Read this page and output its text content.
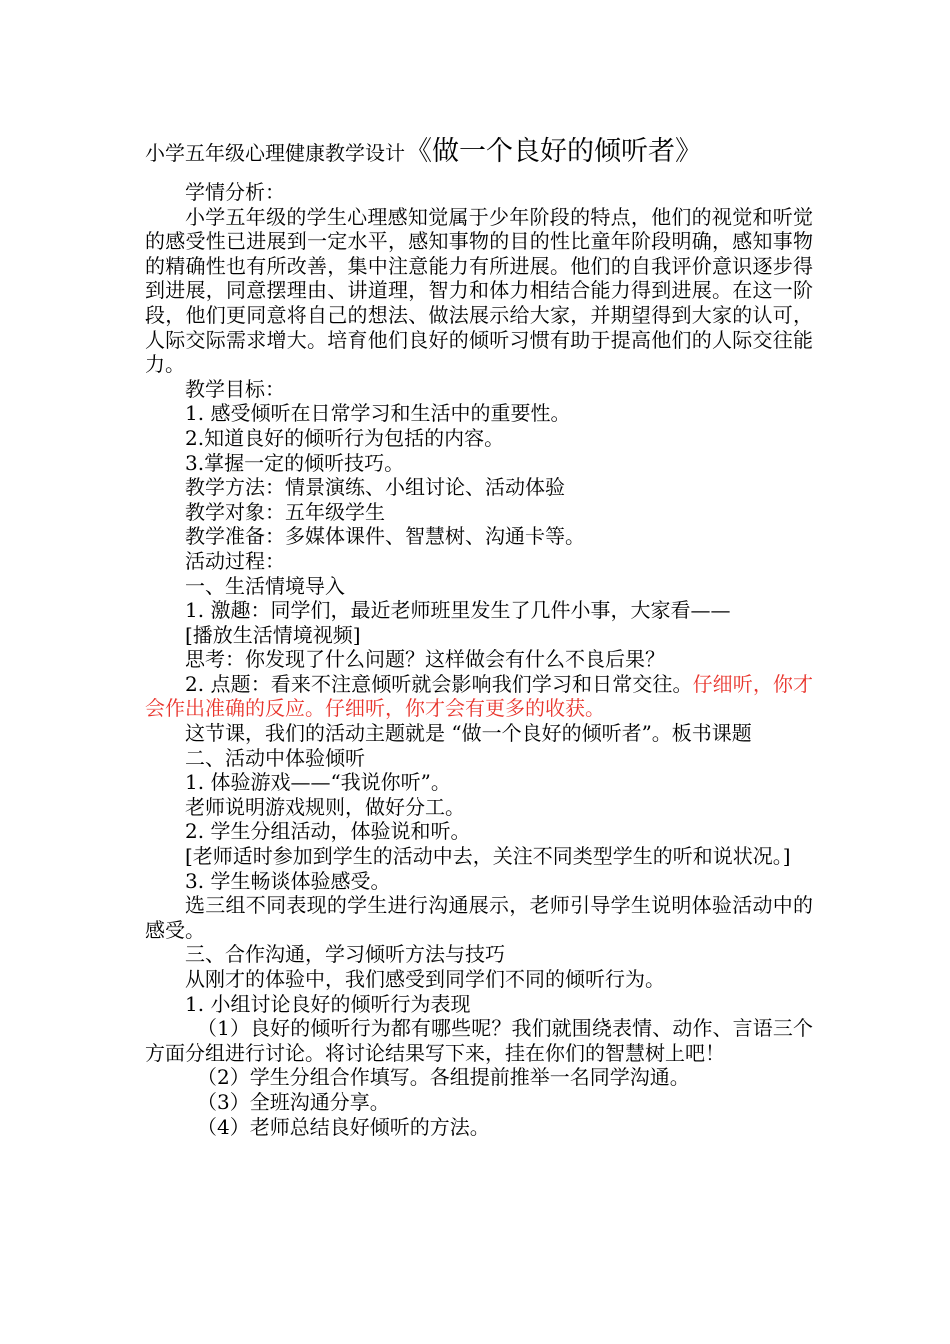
小学五年级心理健康教学设计《做一个良好的倾听者》

学情分析：

小学五年级的学生心理感知觉属于少年阶段的特点，他们的视觉和听觉的感受性已进展到一定水平，感知事物的目的性比童年阶段明确，感知事物的精确性也有所改善，集中注意能力有所进展。他们的自我评价意识逐步得到进展，同意摆理由、讲道理，智力和体力相结合能力得到进展。在这一阶段，他们更同意将自己的想法、做法展示给大家，并期望得到大家的认可，人际交际需求增大。培育他们良好的倾听习惯有助于提高他们的人际交往能力。

教学目标：

1. 感受倾听在日常学习和生活中的重要性。

2.知道良好的倾听行为包括的内容。

3.掌握一定的倾听技巧。

教学方法：情景演练、小组讨论、活动体验

教学对象：五年级学生

教学准备：多媒体课件、智慧树、沟通卡等。

活动过程：

一、生活情境导入

1. 激趣：同学们，最近老师班里发生了几件小事，大家看——

[播放生活情境视频]

思考：你发现了什么问题？这样做会有什么不良后果？

2. 点题：看来不注意倾听就会影响我们学习和日常交往。仔细听，你才会作出准确的反应。仔细听，你才会有更多的收获。

这节课，我们的活动主题就是 “做一个良好的倾听者”。板书课题

二、活动中体验倾听

1. 体验游戏——“我说你听”。

老师说明游戏规则，做好分工。

2. 学生分组活动，体验说和听。

[老师适时参加到学生的活动中去，关注不同类型学生的听和说状况。]

3. 学生畅谈体验感受。

选三组不同表现的学生进行沟通展示，老师引导学生说明体验活动中的感受。

三、合作沟通，学习倾听方法与技巧

从刚才的体验中，我们感受到同学们不同的倾听行为。

1. 小组讨论良好的倾听行为表现

（1）良好的倾听行为都有哪些呢？我们就围绕表情、动作、言语三个方面分组进行讨论。将讨论结果写下来，挂在你们的智慧树上吧！

（2）学生分组合作填写。各组提前推举一名同学沟通。

（3）全班沟通分享。

（4）老师总结良好倾听的方法。
